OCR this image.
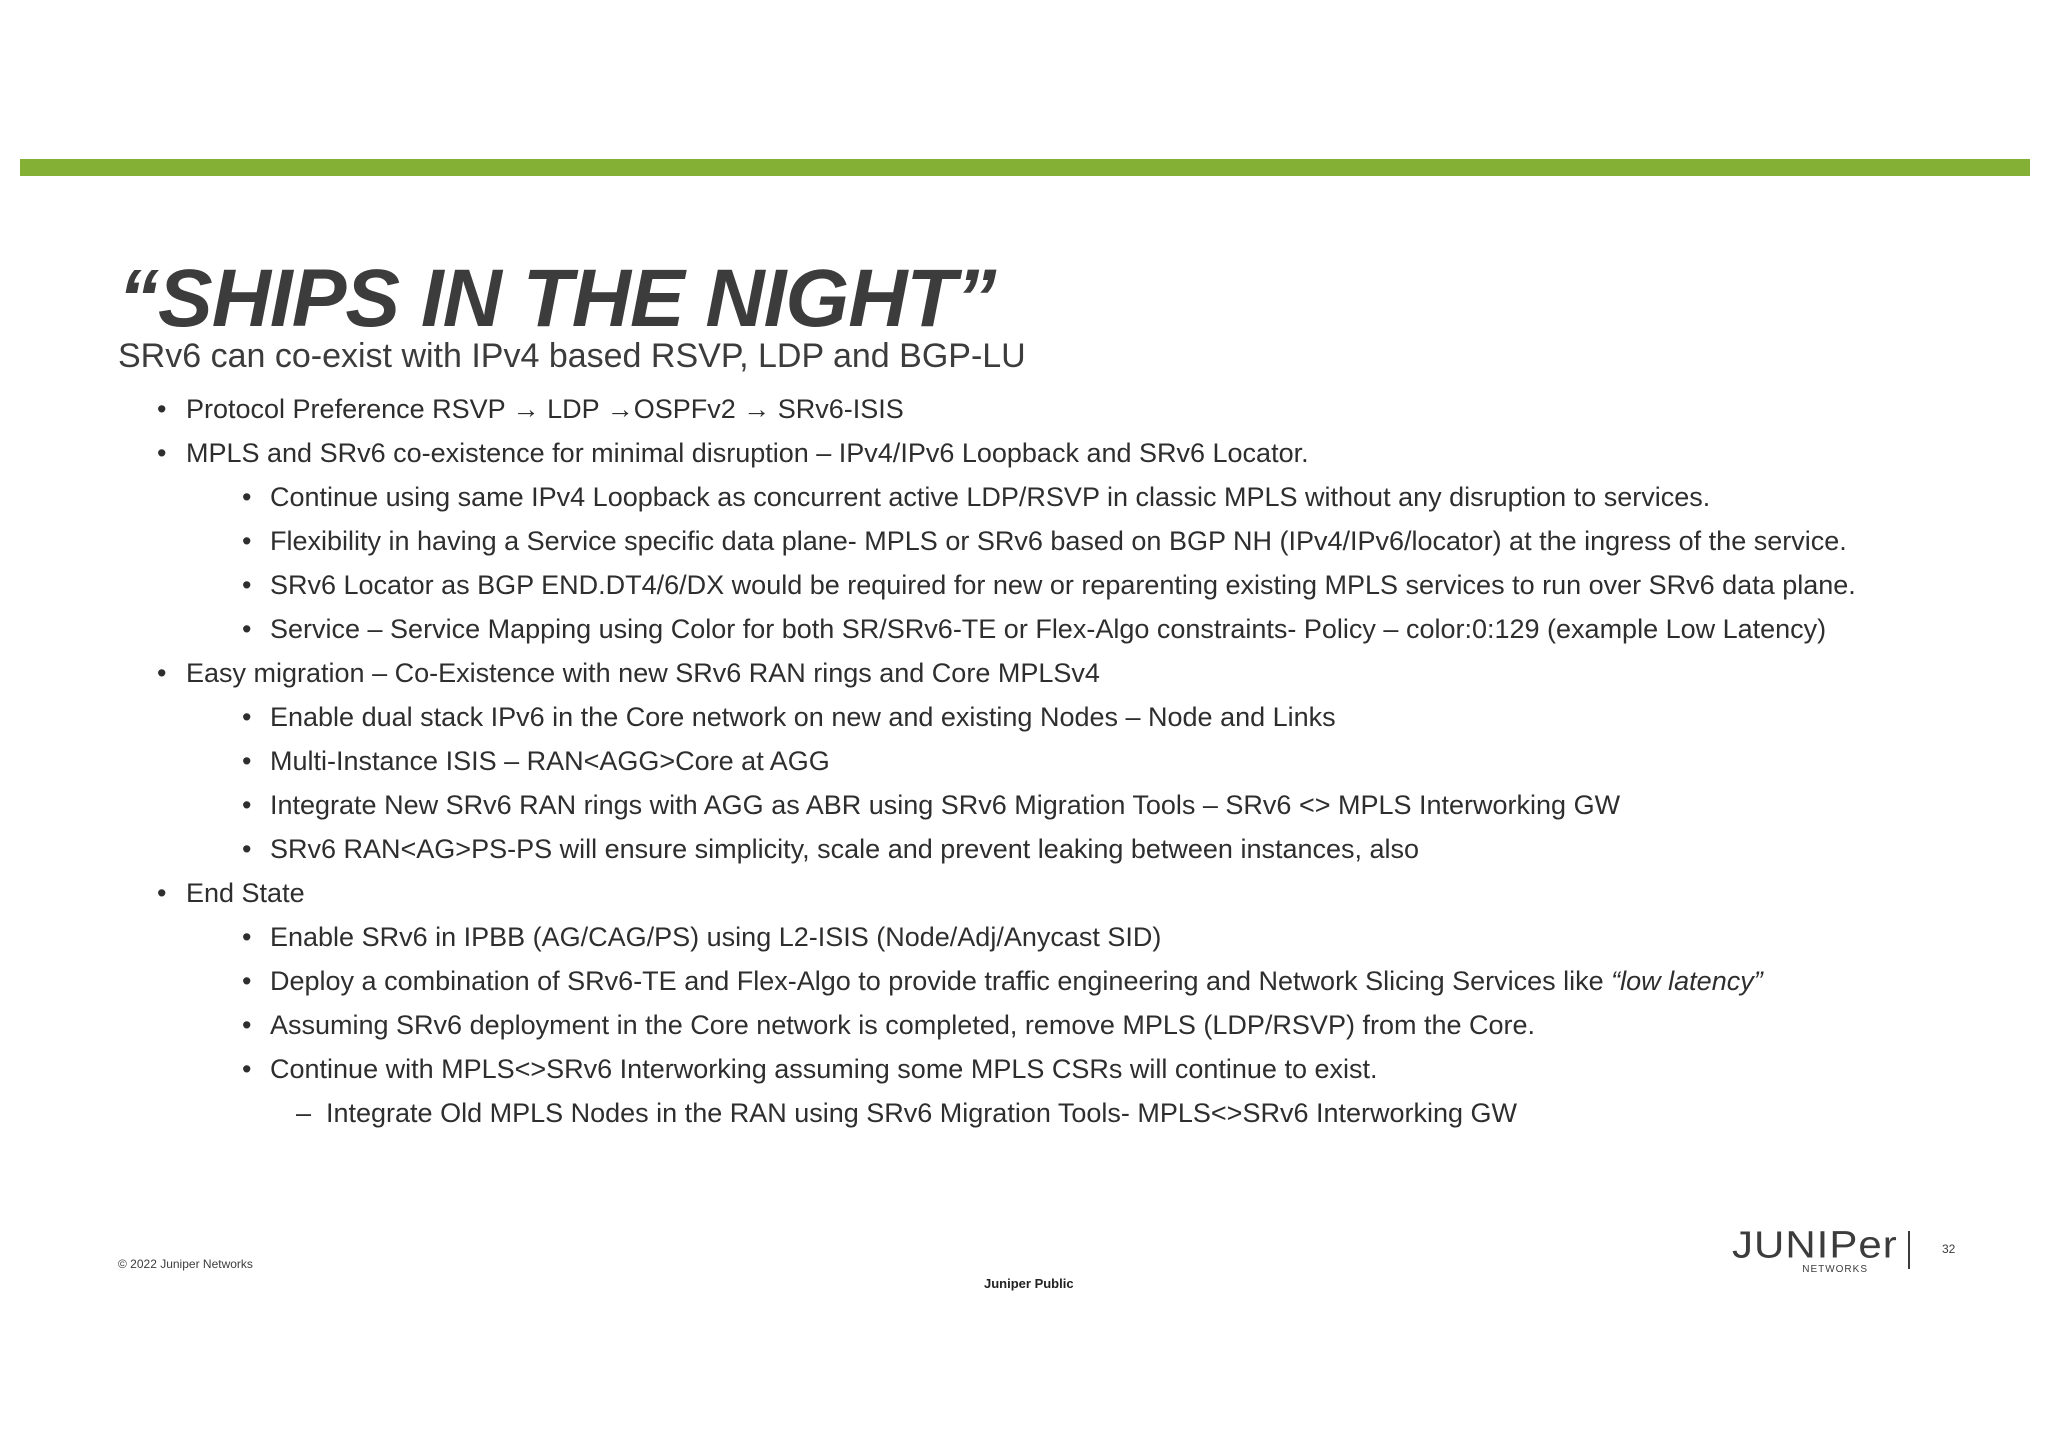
“SHIPS IN THE NIGHT”
SRv6 can co-exist with IPv4 based RSVP, LDP and BGP-LU
• Protocol Preference RSVP → LDP →OSPFv2 → SRv6-ISIS
• MPLS and SRv6 co-existence for minimal disruption – IPv4/IPv6 Loopback and SRv6 Locator.
• Continue using same IPv4 Loopback as concurrent active LDP/RSVP in classic MPLS without any disruption to services.
• Flexibility in having a Service specific data plane- MPLS or SRv6 based on BGP NH (IPv4/IPv6/locator) at the ingress of the service.
• SRv6 Locator as BGP END.DT4/6/DX would be required for new or reparenting existing MPLS services to run over SRv6 data plane.
• Service – Service Mapping using Color for both SR/SRv6-TE or Flex-Algo constraints- Policy – color:0:129 (example Low Latency)
• Easy migration – Co-Existence with new SRv6 RAN rings and Core MPLSv4
• Enable dual stack IPv6 in the Core network on new and existing Nodes – Node and Links
• Multi-Instance ISIS – RAN<AGG>Core at AGG
• Integrate New SRv6 RAN rings with AGG as ABR using SRv6 Migration Tools – SRv6 <> MPLS Interworking GW
• SRv6 RAN<AG>PS-PS will ensure simplicity, scale and prevent leaking between instances, also
• End State
• Enable SRv6 in IPBB (AG/CAG/PS) using L2-ISIS (Node/Adj/Anycast SID)
• Deploy a combination of SRv6-TE and Flex-Algo to provide traffic engineering and Network Slicing Services like “low latency”
• Assuming SRv6 deployment in the Core network is completed, remove MPLS (LDP/RSVP) from the Core.
• Continue with MPLS<>SRv6 Interworking assuming some MPLS CSRs will continue to exist.
– Integrate Old MPLS Nodes in the RAN using SRv6 Migration Tools- MPLS<>SRv6 Interworking GW
© 2022 Juniper Networks
Juniper Public
JUNIPer
NETWORKS
32
